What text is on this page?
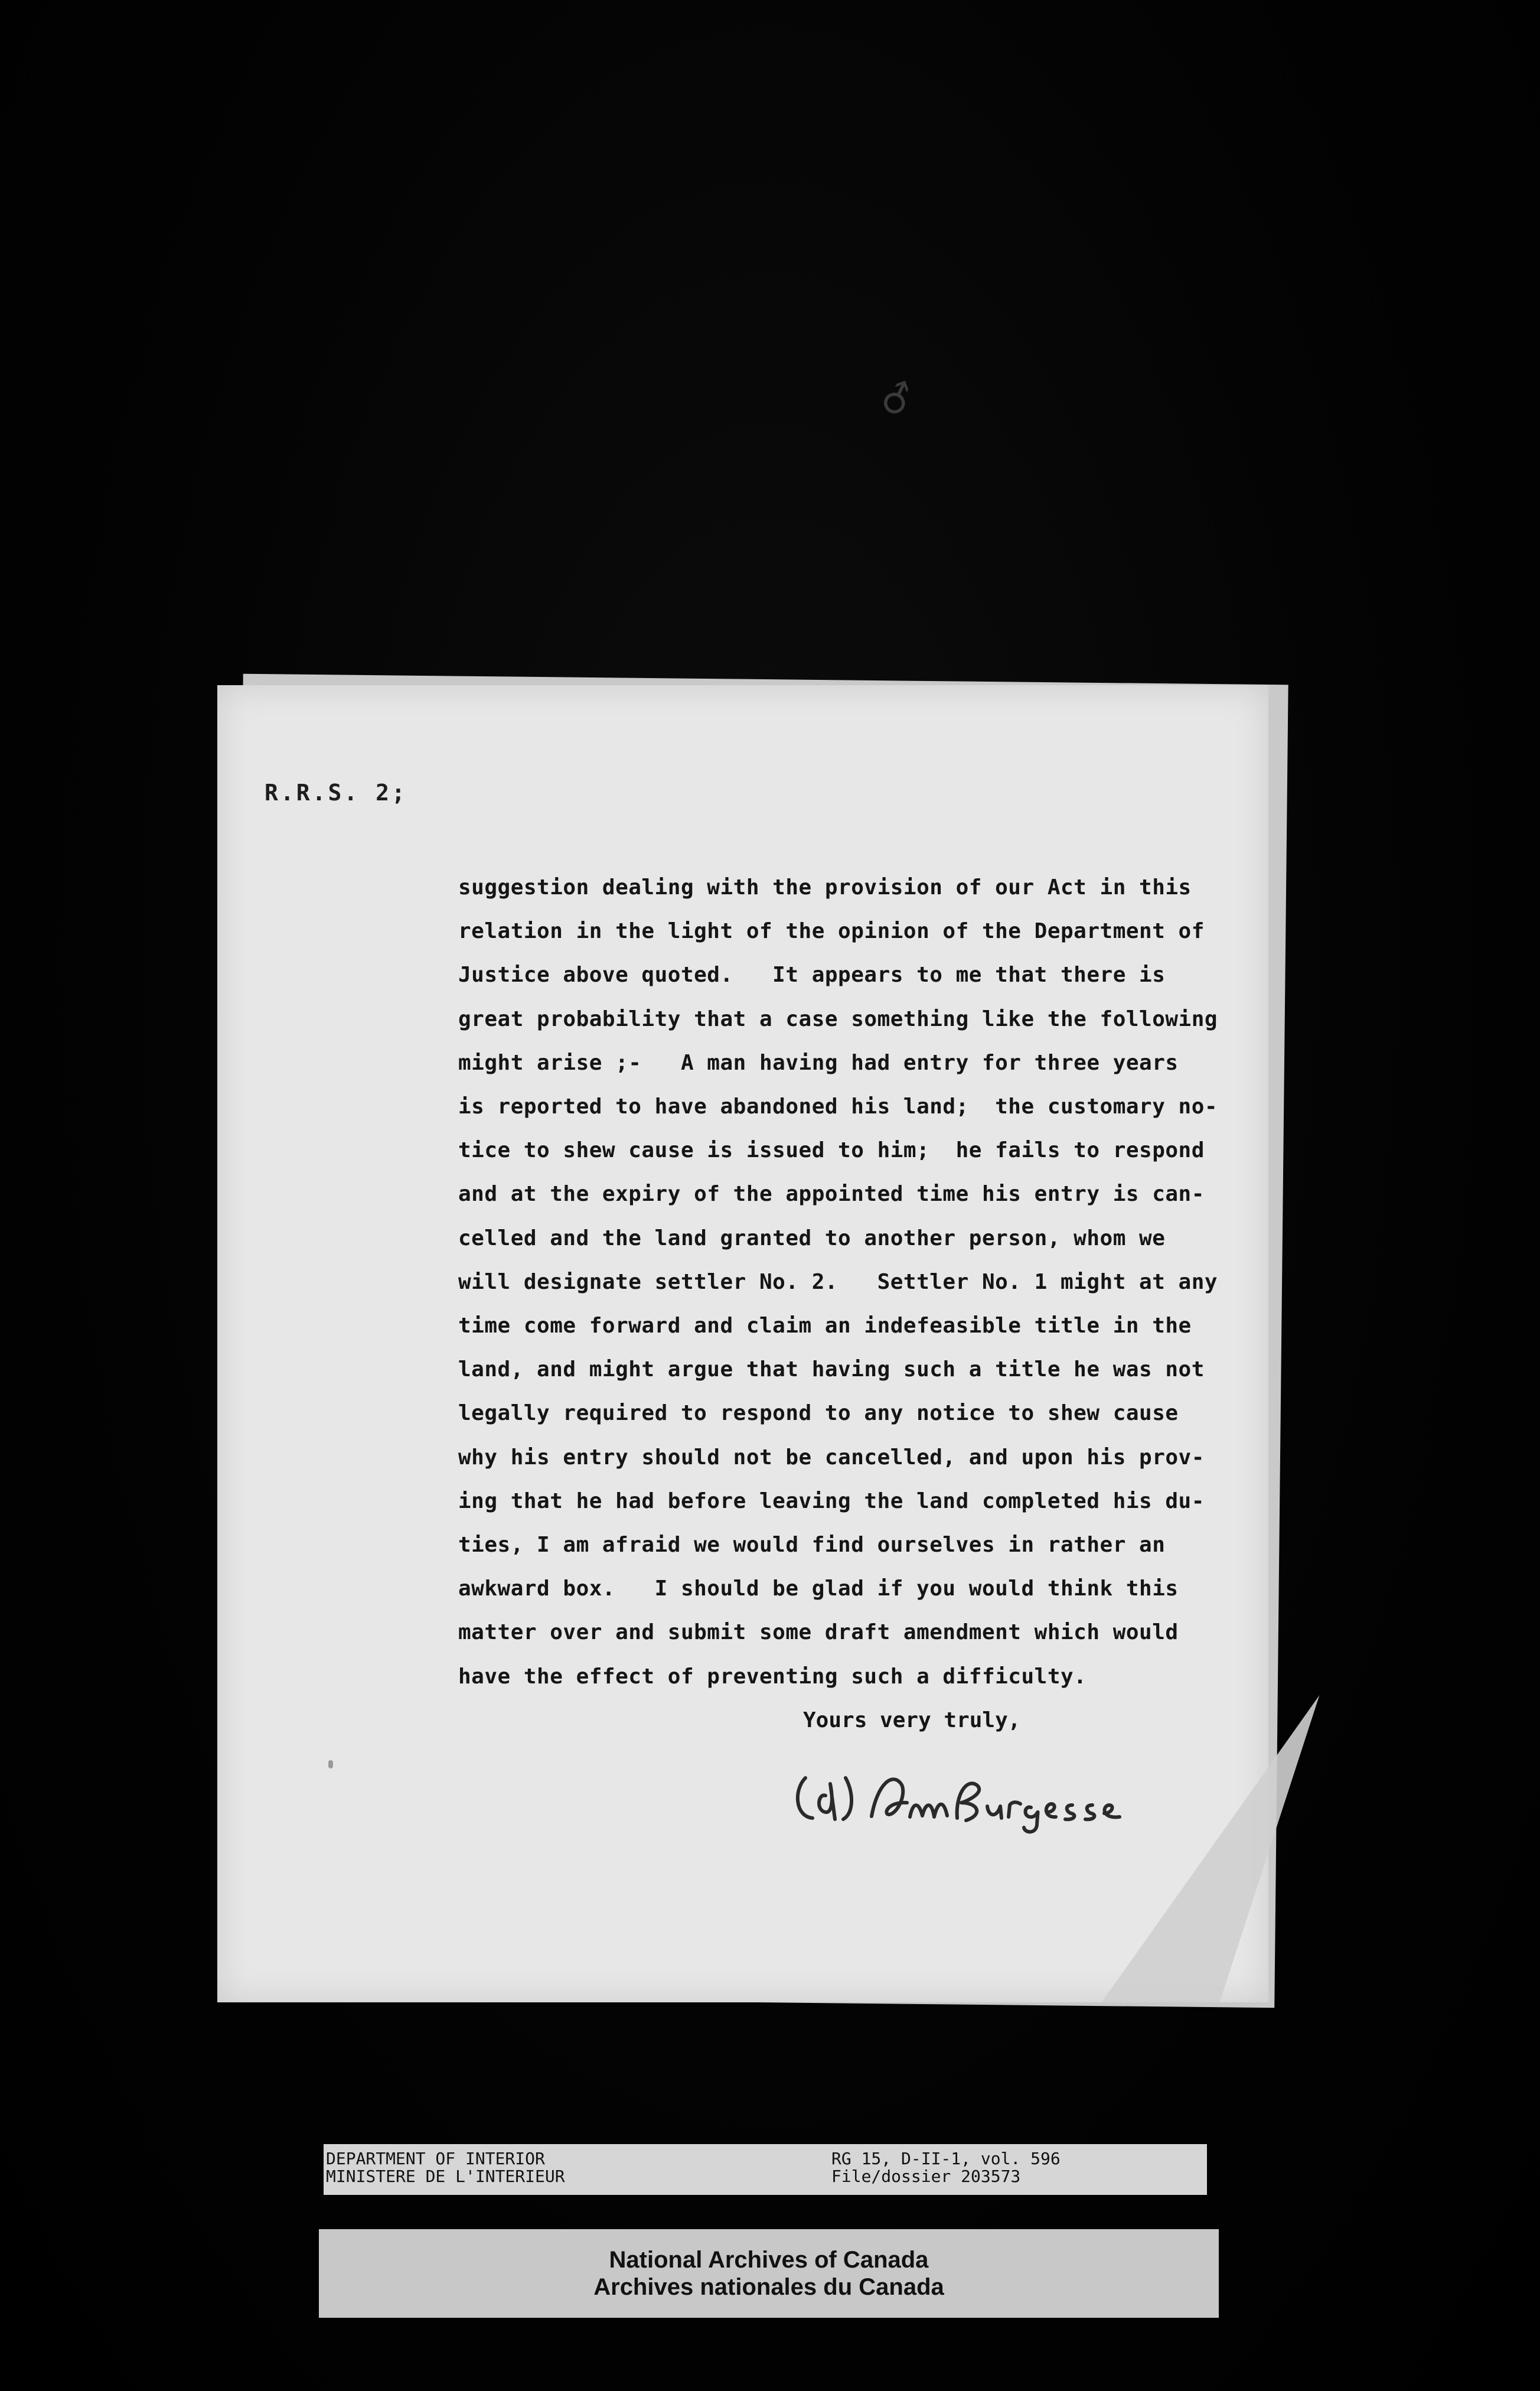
♂
R.R.S. 2;
suggestion dealing with the provision of our Act in this
relation in the light of the opinion of the Department of
Justice above quoted.   It appears to me that there is
great probability that a case something like the following
might arise ;-   A man having had entry for three years
is reported to have abandoned his land;  the customary no-
tice to shew cause is issued to him;  he fails to respond
and at the expiry of the appointed time his entry is can-
celled and the land granted to another person, whom we
will designate settler No. 2.   Settler No. 1 might at any
time come forward and claim an indefeasible title in the
land, and might argue that having such a title he was not
legally required to respond to any notice to shew cause
why his entry should not be cancelled, and upon his prov-
ing that he had before leaving the land completed his du-
ties, I am afraid we would find ourselves in rather an
awkward box.   I should be glad if you would think this
matter over and submit some draft amendment which would
have the effect of preventing such a difficulty.
Yours very truly,
DEPARTMENT OF INTERIOR
MINISTERE DE L'INTERIEUR
RG 15, D-II-1, vol. 596
File/dossier 203573
National Archives of Canada
Archives nationales du Canada
